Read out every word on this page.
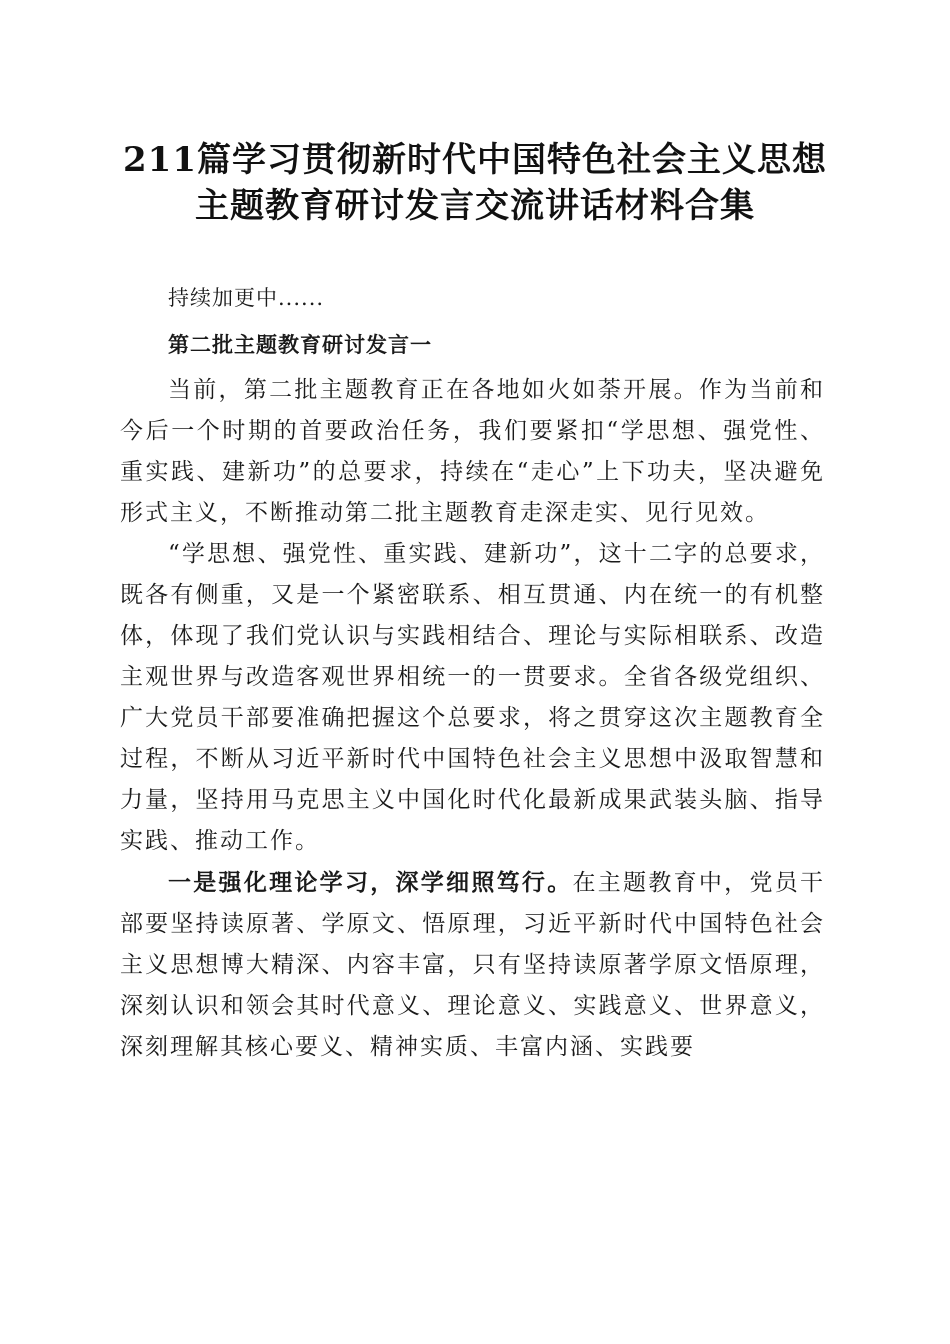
211篇学习贯彻新时代中国特色社会主义思想
主题教育研讨发言交流讲话材料合集

持续加更中......

第二批主题教育研讨发言一

当前，第二批主题教育正在各地如火如荼开展。作为当前和今后一个时期的首要政治任务，我们要紧扣“学思想、强党性、重实践、建新功”的总要求，持续在“走心”上下功夫，坚决避免形式主义，不断推动第二批主题教育走深走实、见行见效。

“学思想、强党性、重实践、建新功”，这十二字的总要求，既各有侧重，又是一个紧密联系、相互贯通、内在统一的有机整体，体现了我们党认识与实践相结合、理论与实际相联系、改造主观世界与改造客观世界相统一的一贯要求。全省各级党组织、广大党员干部要准确把握这个总要求，将之贯穿这次主题教育全过程，不断从习近平新时代中国特色社会主义思想中汲取智慧和力量，坚持用马克思主义中国化时代化最新成果武装头脑、指导实践、推动工作。

一是强化理论学习，深学细照笃行。在主题教育中，党员干部要坚持读原著、学原文、悟原理，习近平新时代中国特色社会主义思想博大精深、内容丰富，只有坚持读原著学原文悟原理，深刻认识和领会其时代意义、理论意义、实践意义、世界意义，深刻理解其核心要义、精神实质、丰富内涵、实践要
